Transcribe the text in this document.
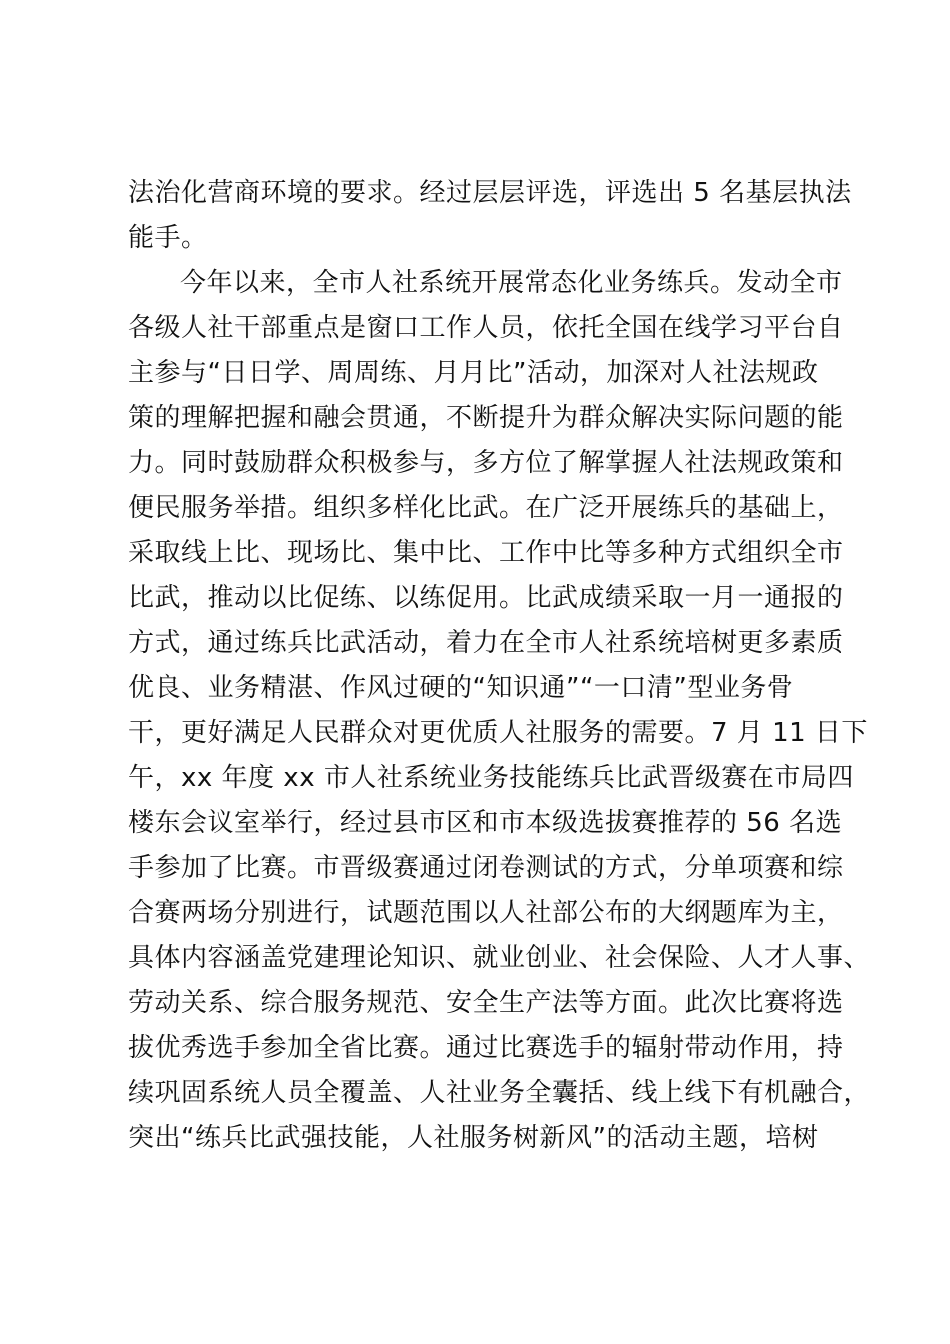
法治化营商环境的要求。经过层层评选，评选出 5 名基层执法
能手。
今年以来，全市人社系统开展常态化业务练兵。发动全市
各级人社干部重点是窗口工作人员，依托全国在线学习平台自
主参与“日日学、周周练、月月比”活动，加深对人社法规政
策的理解把握和融会贯通，不断提升为群众解决实际问题的能
力。同时鼓励群众积极参与，多方位了解掌握人社法规政策和
便民服务举措。组织多样化比武。在广泛开展练兵的基础上，
采取线上比、现场比、集中比、工作中比等多种方式组织全市
比武，推动以比促练、以练促用。比武成绩采取一月一通报的
方式，通过练兵比武活动，着力在全市人社系统培树更多素质
优良、业务精湛、作风过硬的“知识通”“一口清”型业务骨
干，更好满足人民群众对更优质人社服务的需要。7 月 11 日下
午，xx 年度 xx 市人社系统业务技能练兵比武晋级赛在市局四
楼东会议室举行，经过县市区和市本级选拔赛推荐的 56 名选
手参加了比赛。市晋级赛通过闭卷测试的方式，分单项赛和综
合赛两场分别进行，试题范围以人社部公布的大纲题库为主，
具体内容涵盖党建理论知识、就业创业、社会保险、人才人事、
劳动关系、综合服务规范、安全生产法等方面。此次比赛将选
拔优秀选手参加全省比赛。通过比赛选手的辐射带动作用，持
续巩固系统人员全覆盖、人社业务全囊括、线上线下有机融合，
突出“练兵比武强技能，人社服务树新风”的活动主题，培树
